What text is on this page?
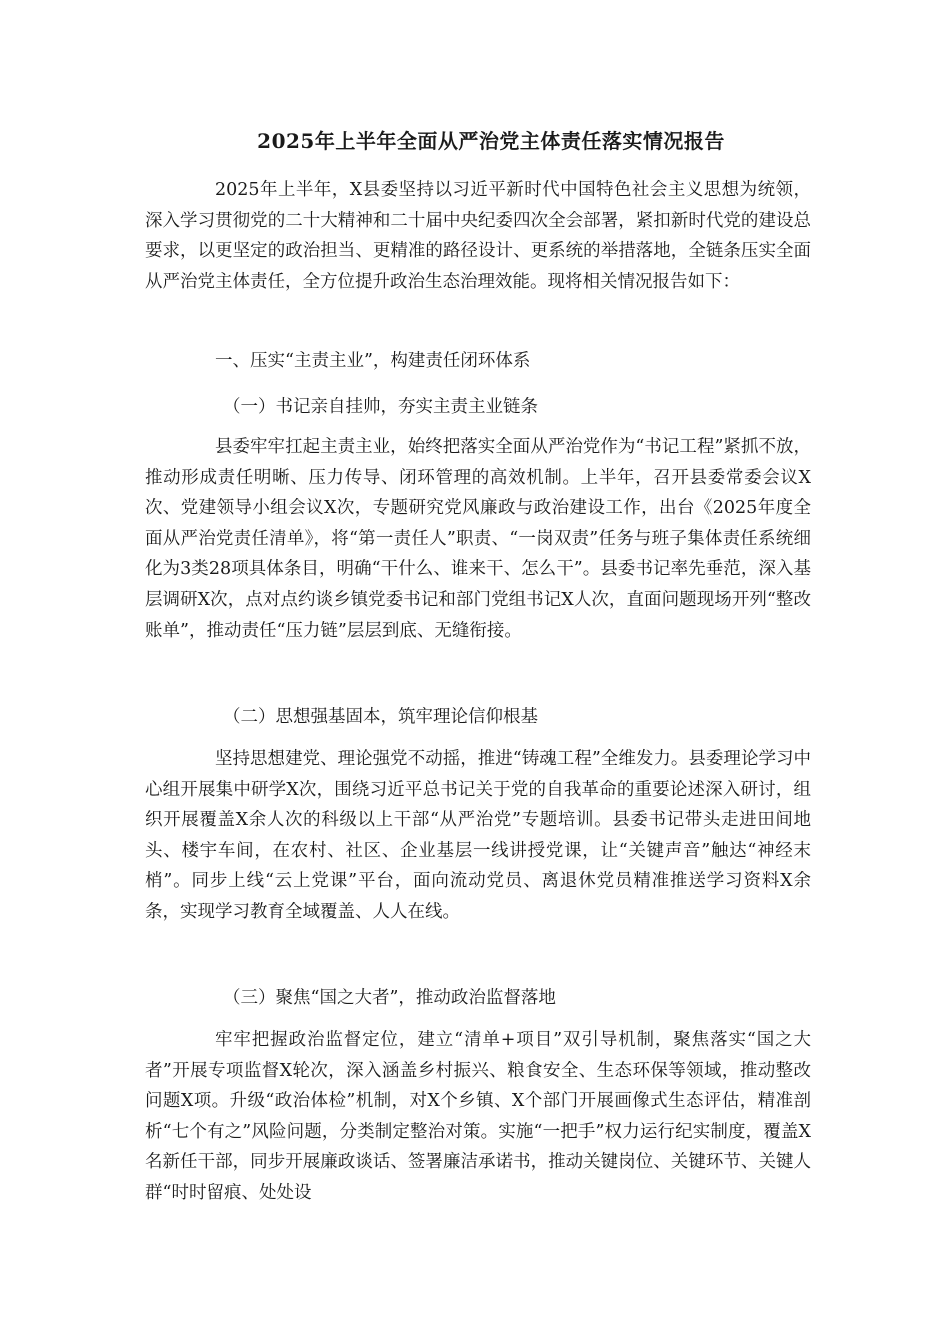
2025年上半年全面从严治党主体责任落实情况报告

2025年上半年，X县委坚持以习近平新时代中国特色社会主义思想为统领，深入学习贯彻党的二十大精神和二十届中央纪委四次全会部署，紧扣新时代党的建设总要求，以更坚定的政治担当、更精准的路径设计、更系统的举措落地，全链条压实全面从严治党主体责任，全方位提升政治生态治理效能。现将相关情况报告如下：

一、压实“主责主业”，构建责任闭环体系

（一）书记亲自挂帅，夯实主责主业链条

县委牢牢扛起主责主业，始终把落实全面从严治党作为“书记工程”紧抓不放，推动形成责任明晰、压力传导、闭环管理的高效机制。上半年，召开县委常委会议X次、党建领导小组会议X次，专题研究党风廉政与政治建设工作，出台《2025年度全面从严治党责任清单》，将“第一责任人”职责、“一岗双责”任务与班子集体责任系统细化为3类28项具体条目，明确“干什么、谁来干、怎么干”。县委书记率先垂范，深入基层调研X次，点对点约谈乡镇党委书记和部门党组书记X人次，直面问题现场开列“整改账单”，推动责任“压力链”层层到底、无缝衔接。

（二）思想强基固本，筑牢理论信仰根基

坚持思想建党、理论强党不动摇，推进“铸魂工程”全维发力。县委理论学习中心组开展集中研学X次，围绕习近平总书记关于党的自我革命的重要论述深入研讨，组织开展覆盖X余人次的科级以上干部“从严治党”专题培训。县委书记带头走进田间地头、楼宇车间，在农村、社区、企业基层一线讲授党课，让“关键声音”触达“神经末梢”。同步上线“云上党课”平台，面向流动党员、离退休党员精准推送学习资料X余条，实现学习教育全域覆盖、人人在线。

（三）聚焦“国之大者”，推动政治监督落地

牢牢把握政治监督定位，建立“清单+项目”双引导机制，聚焦落实“国之大者”开展专项监督X轮次，深入涵盖乡村振兴、粮食安全、生态环保等领域，推动整改问题X项。升级“政治体检”机制，对X个乡镇、X个部门开展画像式生态评估，精准剖析“七个有之”风险问题，分类制定整治对策。实施“一把手”权力运行纪实制度，覆盖X名新任干部，同步开展廉政谈话、签署廉洁承诺书，推动关键岗位、关键环节、关键人群“时时留痕、处处设
